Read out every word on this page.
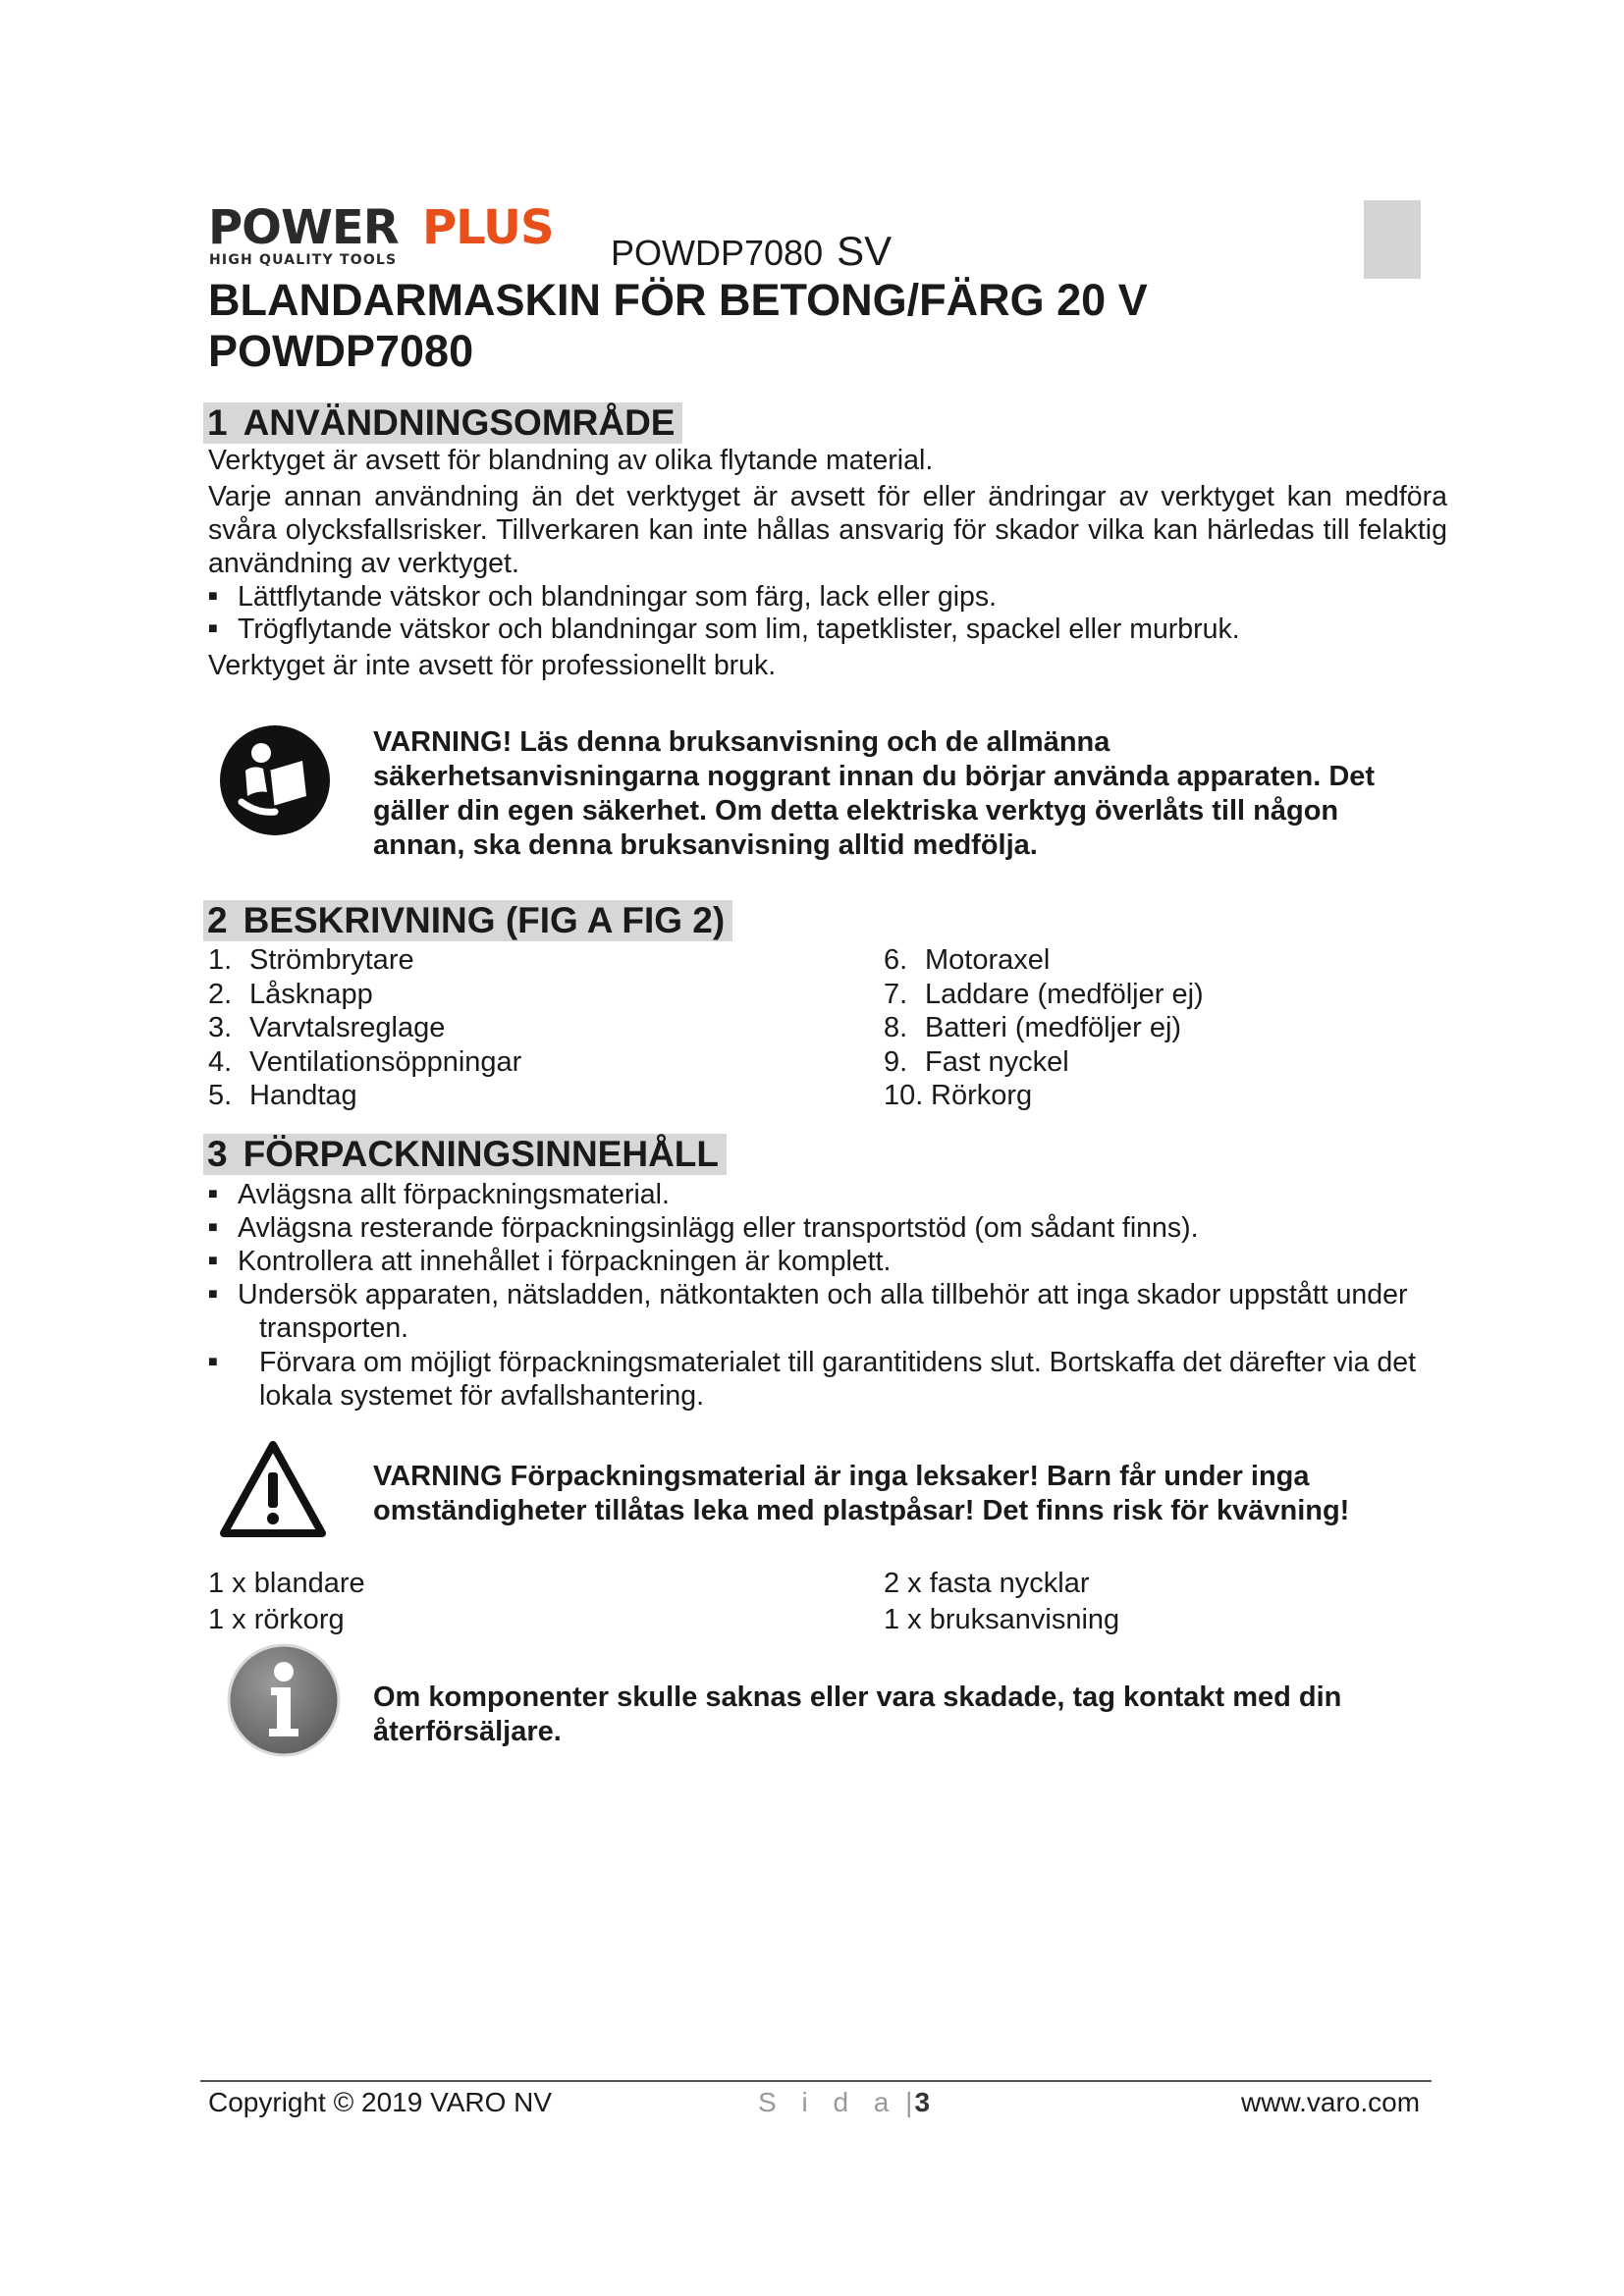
POWER PLUS
HIGH QUALITY TOOLS	POWDP7080 SV
BLANDARMASKIN FÖR BETONG/FÄRG 20 V
POWDP7080
1 ANVÄNDNINGSOMRÅDE
Verktyget är avsett för blandning av olika flytande material.
Varje annan användning än det verktyget är avsett för eller ändringar av verktyget kan medföra svåra olycksfallsrisker. Tillverkaren kan inte hållas ansvarig för skador vilka kan härledas till felaktig användning av verktyget.
■ Lättflytande vätskor och blandningar som färg, lack eller gips.
■ Trögflytande vätskor och blandningar som lim, tapetklister, spackel eller murbruk.
Verktyget är inte avsett för professionellt bruk.
VARNING! Läs denna bruksanvisning och de allmänna säkerhetsanvisningarna noggrant innan du börjar använda apparaten. Det gäller din egen säkerhet. Om detta elektriska verktyg överlåts till någon annan, ska denna bruksanvisning alltid medfölja.
2 BESKRIVNING (FIG A FIG 2)
1. Strömbrytare
2. Låsknapp
3. Varvtalsreglage
4. Ventilationsöppningar
5. Handtag
6. Motoraxel
7. Laddare (medföljer ej)
8. Batteri (medföljer ej)
9. Fast nyckel
10. Rörkorg
3 FÖRPACKNINGSINNEHÅLL
■ Avlägsna allt förpackningsmaterial.
■ Avlägsna resterande förpackningsinlägg eller transportstöd (om sådant finns).
■ Kontrollera att innehållet i förpackningen är komplett.
■ Undersök apparaten, nätsladden, nätkontakten och alla tillbehör att inga skador uppstått under transporten.
■	Förvara om möjligt förpackningsmaterialet till garantitidens slut. Bortskaffa det därefter via det lokala systemet för avfallshantering.
VARNING Förpackningsmaterial är inga leksaker! Barn får under inga omständigheter tillåtas leka med plastpåsar! Det finns risk för kvävning!
1 x blandare
1 x rörkorg
2 x fasta nycklar
1 x bruksanvisning
Om komponenter skulle saknas eller vara skadade, tag kontakt med din återförsäljare.
Copyright © 2019 VARO NV	S i d a |3	www.varo.com
